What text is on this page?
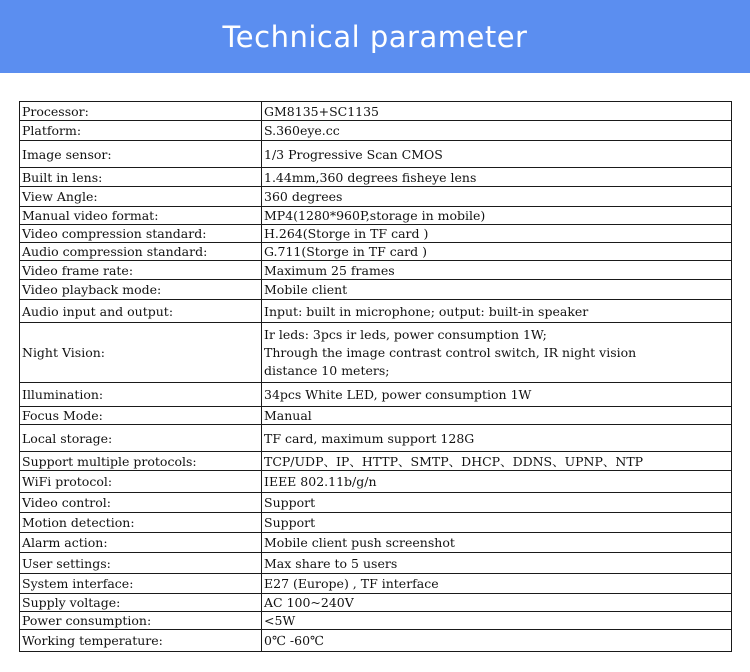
Technical parameter
Processor:	GM8135+SC1135
Platform:	S.360eye.cc
Image sensor:	1/3 Progressive Scan CMOS
Built in lens:	1.44mm,360 degrees fisheye lens
View Angle:	360 degrees
Manual video format:	MP4(1280*960P,storage in mobile)
Video compression standard:	H.264(Storge in TF card )
Audio compression standard:	G.711(Storge in TF card )
Video frame rate:	Maximum 25 frames
Video playback mode:	Mobile client
Audio input and output:	Input: built in microphone; output: built-in speaker
Night Vision:	Ir leds: 3pcs ir leds, power consumption 1W;
Through the image contrast control switch, IR night vision
distance 10 meters;

Illumination:	34pcs White LED, power consumption 1W
Focus Mode:	Manual
Local storage:	TF card, maximum support 128G
Support multiple protocols:	TCP/UDP、IP、HTTP、SMTP、DHCP、DDNS、UPNP、NTP
WiFi protocol:	IEEE 802.11b/g/n
Video control:	Support
Motion detection:	Support
Alarm action:	Mobile client push screenshot
User settings:	Max share to 5 users
System interface:	E27 (Europe) , TF interface
Supply voltage:	AC 100~240V
Power consumption:	<5W
Working temperature:	0℃ -60℃
